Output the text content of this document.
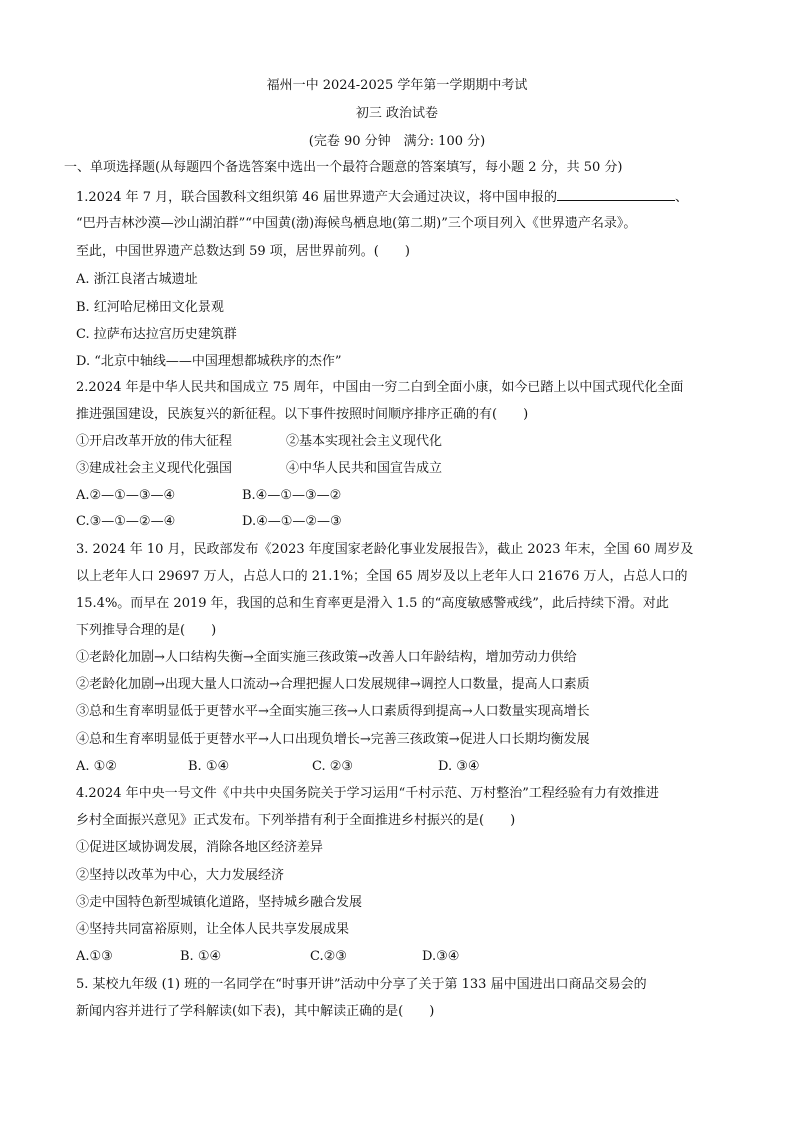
福州一中 2024-2025 学年第一学期期中考试
初三 政治试卷
(完卷 90 分钟　满分: 100 分)
一、单项选择题(从每题四个备选答案中选出一个最符合题意的答案填写，每小题 2 分，共 50 分)
1.2024 年 7 月，联合国教科文组织第 46 届世界遗产大会通过决议，将中国申报的	、
“巴丹吉林沙漠—沙山湖泊群”“中国黄(渤)海候鸟栖息地(第二期)”三个项目列入《世界遗产名录》。
至此，中国世界遗产总数达到 59 项，居世界前列。(　　)
A. 浙江良渚古城遗址
B. 红河哈尼梯田文化景观
C. 拉萨布达拉宫历史建筑群
D. “北京中轴线——中国理想都城秩序的杰作”
2.2024 年是中华人民共和国成立 75 周年，中国由一穷二白到全面小康，如今已踏上以中国式现代化全面
推进强国建设，民族复兴的新征程。以下事件按照时间顺序排序正确的有(　　)
①开启改革开放的伟大征程	②基本实现社会主义现代化
③建成社会主义现代化强国	④中华人民共和国宣告成立
A.②—①—③—④	B.④—①—③—②
C.③—①—②—④	D.④—①—②—③
3. 2024 年 10 月，民政部发布《2023 年度国家老龄化事业发展报告》，截止 2023 年末，全国 60 周岁及
以上老年人口 29697 万人，占总人口的 21.1%；全国 65 周岁及以上老年人口 21676 万人，占总人口的
15.4%。而早在 2019 年，我国的总和生育率更是滑入 1.5 的“高度敏感警戒线”，此后持续下滑。对此
下列推导合理的是(　　)
①老龄化加剧→人口结构失衡→全面实施三孩政策→改善人口年龄结构，增加劳动力供给
②老龄化加剧→出现大量人口流动→合理把握人口发展规律→调控人口数量，提高人口素质
③总和生育率明显低于更替水平→全面实施三孩→人口素质得到提高→人口数量实现高增长
④总和生育率明显低于更替水平→人口出现负增长→完善三孩政策→促进人口长期均衡发展
A. ①②	B. ①④	C. ②③	D. ③④
4.2024 年中央一号文件《中共中央国务院关于学习运用“千村示范、万村整治”工程经验有力有效推进
乡村全面振兴意见》正式发布。下列举措有利于全面推进乡村振兴的是(　　)
①促进区域协调发展，消除各地区经济差异
②坚持以改革为中心，大力发展经济
③走中国特色新型城镇化道路，坚持城乡融合发展
④坚持共同富裕原则，让全体人民共享发展成果
A.①③	B. ①④	C.②③	D.③④
5. 某校九年级 (1) 班的一名同学在“时事开讲”活动中分享了关于第 133 届中国进出口商品交易会的
新闻内容并进行了学科解读(如下表)，其中解读正确的是(　　)
